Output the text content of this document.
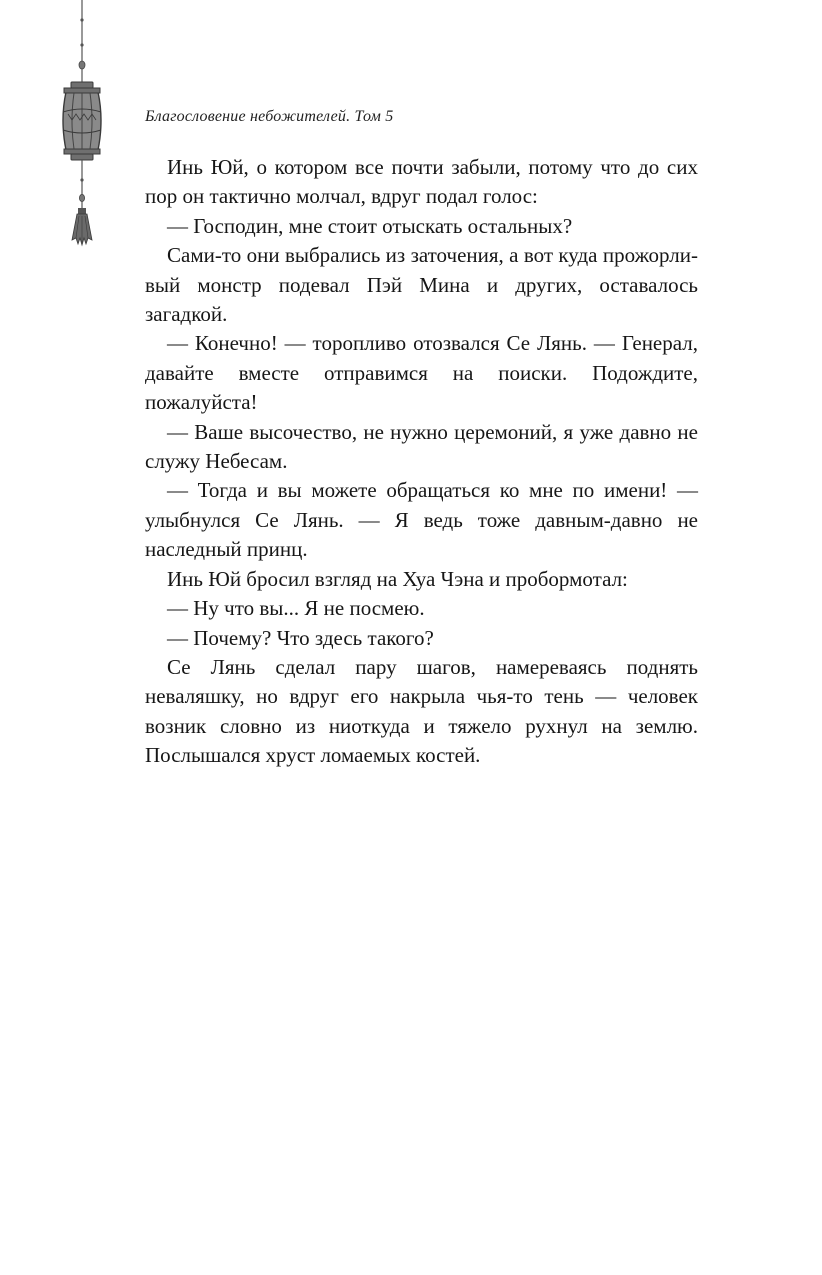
Благословение небожителей. Том 5

Инь Юй, о котором все почти забыли, потому что до сих пор он тактично молчал, вдруг подал голос:

— Господин, мне стоит отыскать остальных?

Сами-то они выбрались из заточения, а вот куда прожорливый монстр подевал Пэй Мина и других, оставалось загадкой.

— Конечно! — торопливо отозвался Се Лянь. — Генерал, давайте вместе отправимся на поиски. Подождите, пожалуйста!

— Ваше высочество, не нужно церемоний, я уже давно не служу Небесам.

— Тогда и вы можете обращаться ко мне по имени! — улыбнулся Се Лянь. — Я ведь тоже давным-давно не наследный принц.

Инь Юй бросил взгляд на Хуа Чэна и пробормотал:

— Ну что вы... Я не посмею.

— Почему? Что здесь такого?

Се Лянь сделал пару шагов, намереваясь поднять неваляшку, но вдруг его накрыла чья-то тень — человек возник словно из ниоткуда и тяжело рухнул на землю. Послышался хруст ломаемых костей.
